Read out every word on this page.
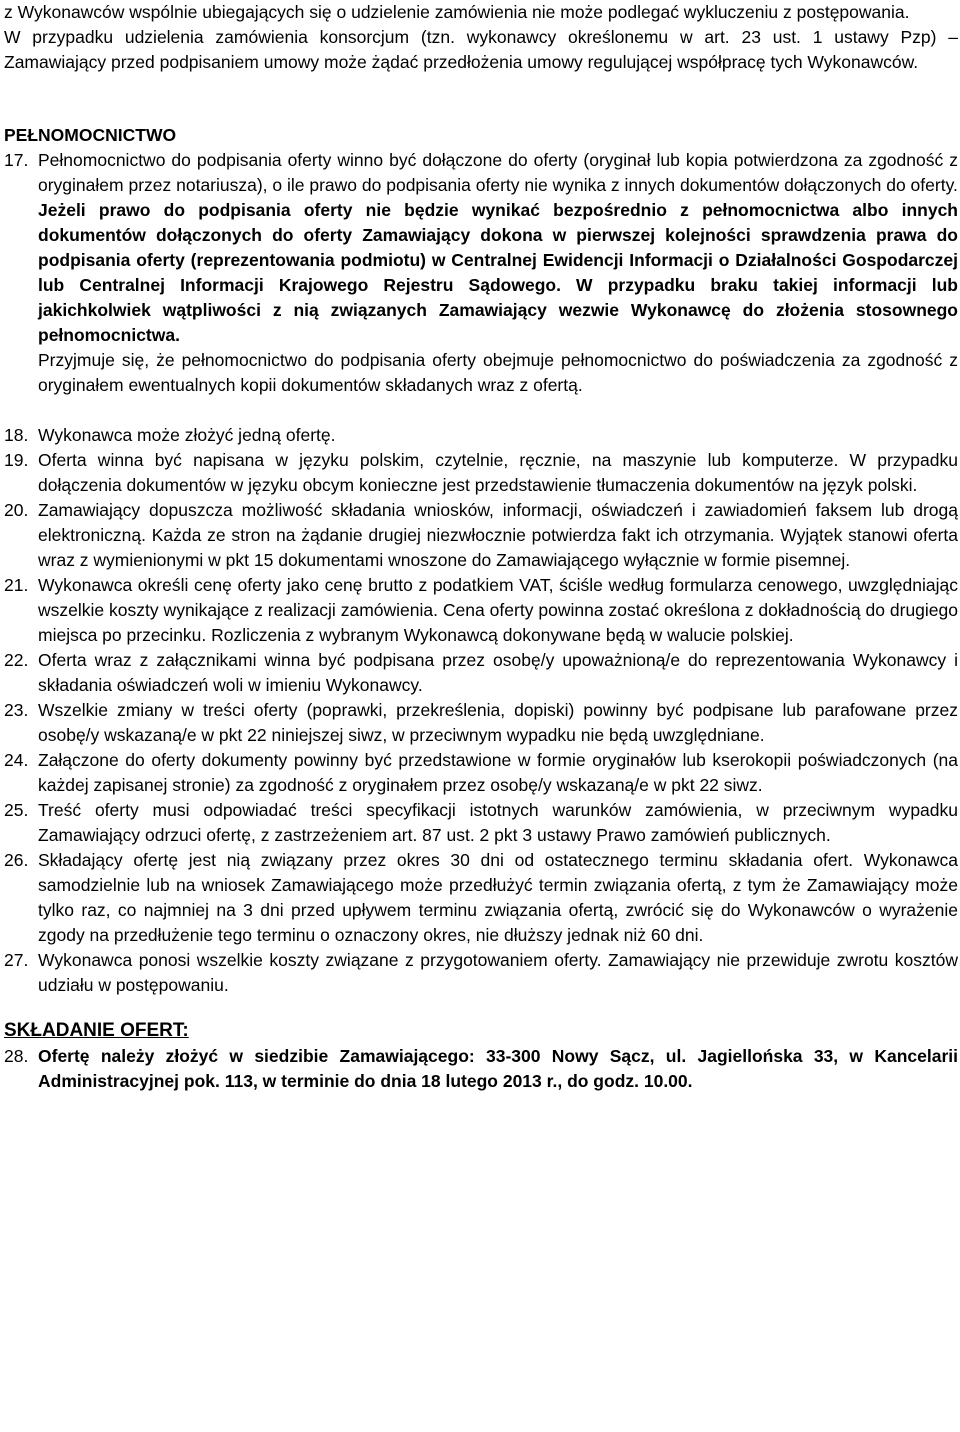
z Wykonawców wspólnie ubiegających się o udzielenie zamówienia nie może podlegać wykluczeniu z postępowania.

W przypadku udzielenia zamówienia konsorcjum (tzn. wykonawcy określonemu w art. 23 ust. 1 ustawy Pzp) – Zamawiający przed podpisaniem umowy może żądać przedłożenia umowy regulującej współpracę tych Wykonawców.

PEŁNOMOCNICTWO

17. Pełnomocnictwo do podpisania oferty winno być dołączone do oferty (oryginał lub kopia potwierdzona za zgodność z oryginałem przez notariusza), o ile prawo do podpisania oferty nie wynika z innych dokumentów dołączonych do oferty.

Jeżeli prawo do podpisania oferty nie będzie wynikać bezpośrednio z pełnomocnictwa albo innych dokumentów dołączonych do oferty Zamawiający dokona w pierwszej kolejności sprawdzenia prawa do podpisania oferty (reprezentowania podmiotu) w Centralnej Ewidencji Informacji o Działalności Gospodarczej lub Centralnej Informacji Krajowego Rejestru Sądowego. W przypadku braku takiej informacji lub jakichkolwiek wątpliwości z nią związanych Zamawiający wezwie Wykonawcę do złożenia stosownego pełnomocnictwa.

Przyjmuje się, że pełnomocnictwo do podpisania oferty obejmuje pełnomocnictwo do poświadczenia za zgodność z oryginałem ewentualnych kopii dokumentów składanych wraz z ofertą.

18. Wykonawca może złożyć jedną ofertę.
19. Oferta winna być napisana w języku polskim, czytelnie, ręcznie, na maszynie lub komputerze. W przypadku dołączenia dokumentów w języku obcym konieczne jest przedstawienie tłumaczenia dokumentów na język polski.
20. Zamawiający dopuszcza możliwość składania wniosków, informacji, oświadczeń i zawiadomień faksem lub drogą elektroniczną. Każda ze stron na żądanie drugiej niezwłocznie potwierdza fakt ich otrzymania. Wyjątek stanowi oferta wraz z wymienionymi w pkt 15 dokumentami wnoszone do Zamawiającego wyłącznie w formie pisemnej.
21. Wykonawca określi cenę oferty jako cenę brutto z podatkiem VAT, ściśle według formularza cenowego, uwzględniając wszelkie koszty wynikające z realizacji zamówienia. Cena oferty powinna zostać określona z dokładnością do drugiego miejsca po przecinku. Rozliczenia z wybranym Wykonawcą dokonywane będą w walucie polskiej.
22. Oferta wraz z załącznikami winna być podpisana przez osobę/y upoważnioną/e do reprezentowania Wykonawcy i składania oświadczeń woli w imieniu Wykonawcy.
23. Wszelkie zmiany w treści oferty (poprawki, przekreślenia, dopiski) powinny być podpisane lub parafowane przez osobę/y wskazaną/e w pkt 22 niniejszej siwz, w przeciwnym wypadku nie będą uwzględniane.
24. Załączone do oferty dokumenty powinny być przedstawione w formie oryginałów lub kserokopii poświadczonych (na każdej zapisanej stronie) za zgodność z oryginałem przez osobę/y wskazaną/e w pkt 22 siwz.
25. Treść oferty musi odpowiadać treści specyfikacji istotnych warunków zamówienia, w przeciwnym wypadku Zamawiający odrzuci ofertę, z zastrzeżeniem art. 87 ust. 2 pkt 3 ustawy Prawo zamówień publicznych.
26. Składający ofertę jest nią związany przez okres 30 dni od ostatecznego terminu składania ofert. Wykonawca samodzielnie lub na wniosek Zamawiającego może przedłużyć termin związania ofertą, z tym że Zamawiający może tylko raz, co najmniej na 3 dni przed upływem terminu związania ofertą, zwrócić się do Wykonawców o wyrażenie zgody na przedłużenie tego terminu o oznaczony okres, nie dłuższy jednak niż 60 dni.
27. Wykonawca ponosi wszelkie koszty związane z przygotowaniem oferty. Zamawiający nie przewiduje zwrotu kosztów udziału w postępowaniu.

SKŁADANIE OFERT:

28. Ofertę należy złożyć w siedzibie Zamawiającego: 33-300 Nowy Sącz, ul. Jagiellońska 33, w Kancelarii Administracyjnej pok. 113, w terminie do dnia 18 lutego 2013 r., do godz. 10.00.
